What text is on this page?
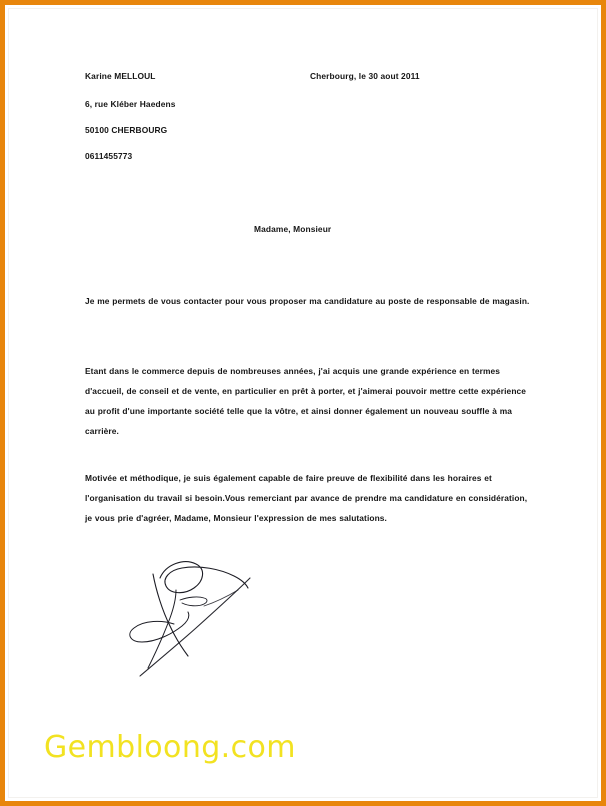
Karine MELLOUL
6, rue Kléber Haedens
50100 CHERBOURG
0611455773
Cherbourg, le 30 aout 2011
Madame, Monsieur
Je me permets de vous contacter pour vous proposer ma candidature au poste de responsable de magasin.
Etant dans le commerce depuis de nombreuses années, j'ai acquis une grande expérience en termes d'accueil, de conseil et de vente, en particulier en prêt à porter, et j'aimerai pouvoir mettre cette expérience au profit d'une importante société telle que la vôtre, et ainsi donner également un nouveau souffle à ma carrière.
Motivée et méthodique, je suis également capable de faire preuve de flexibilité dans les horaires et l'organisation du travail si besoin.Vous remerciant par avance de prendre ma candidature en considération, je vous prie d'agréer, Madame, Monsieur l'expression de mes salutations.
Gembloong.com
